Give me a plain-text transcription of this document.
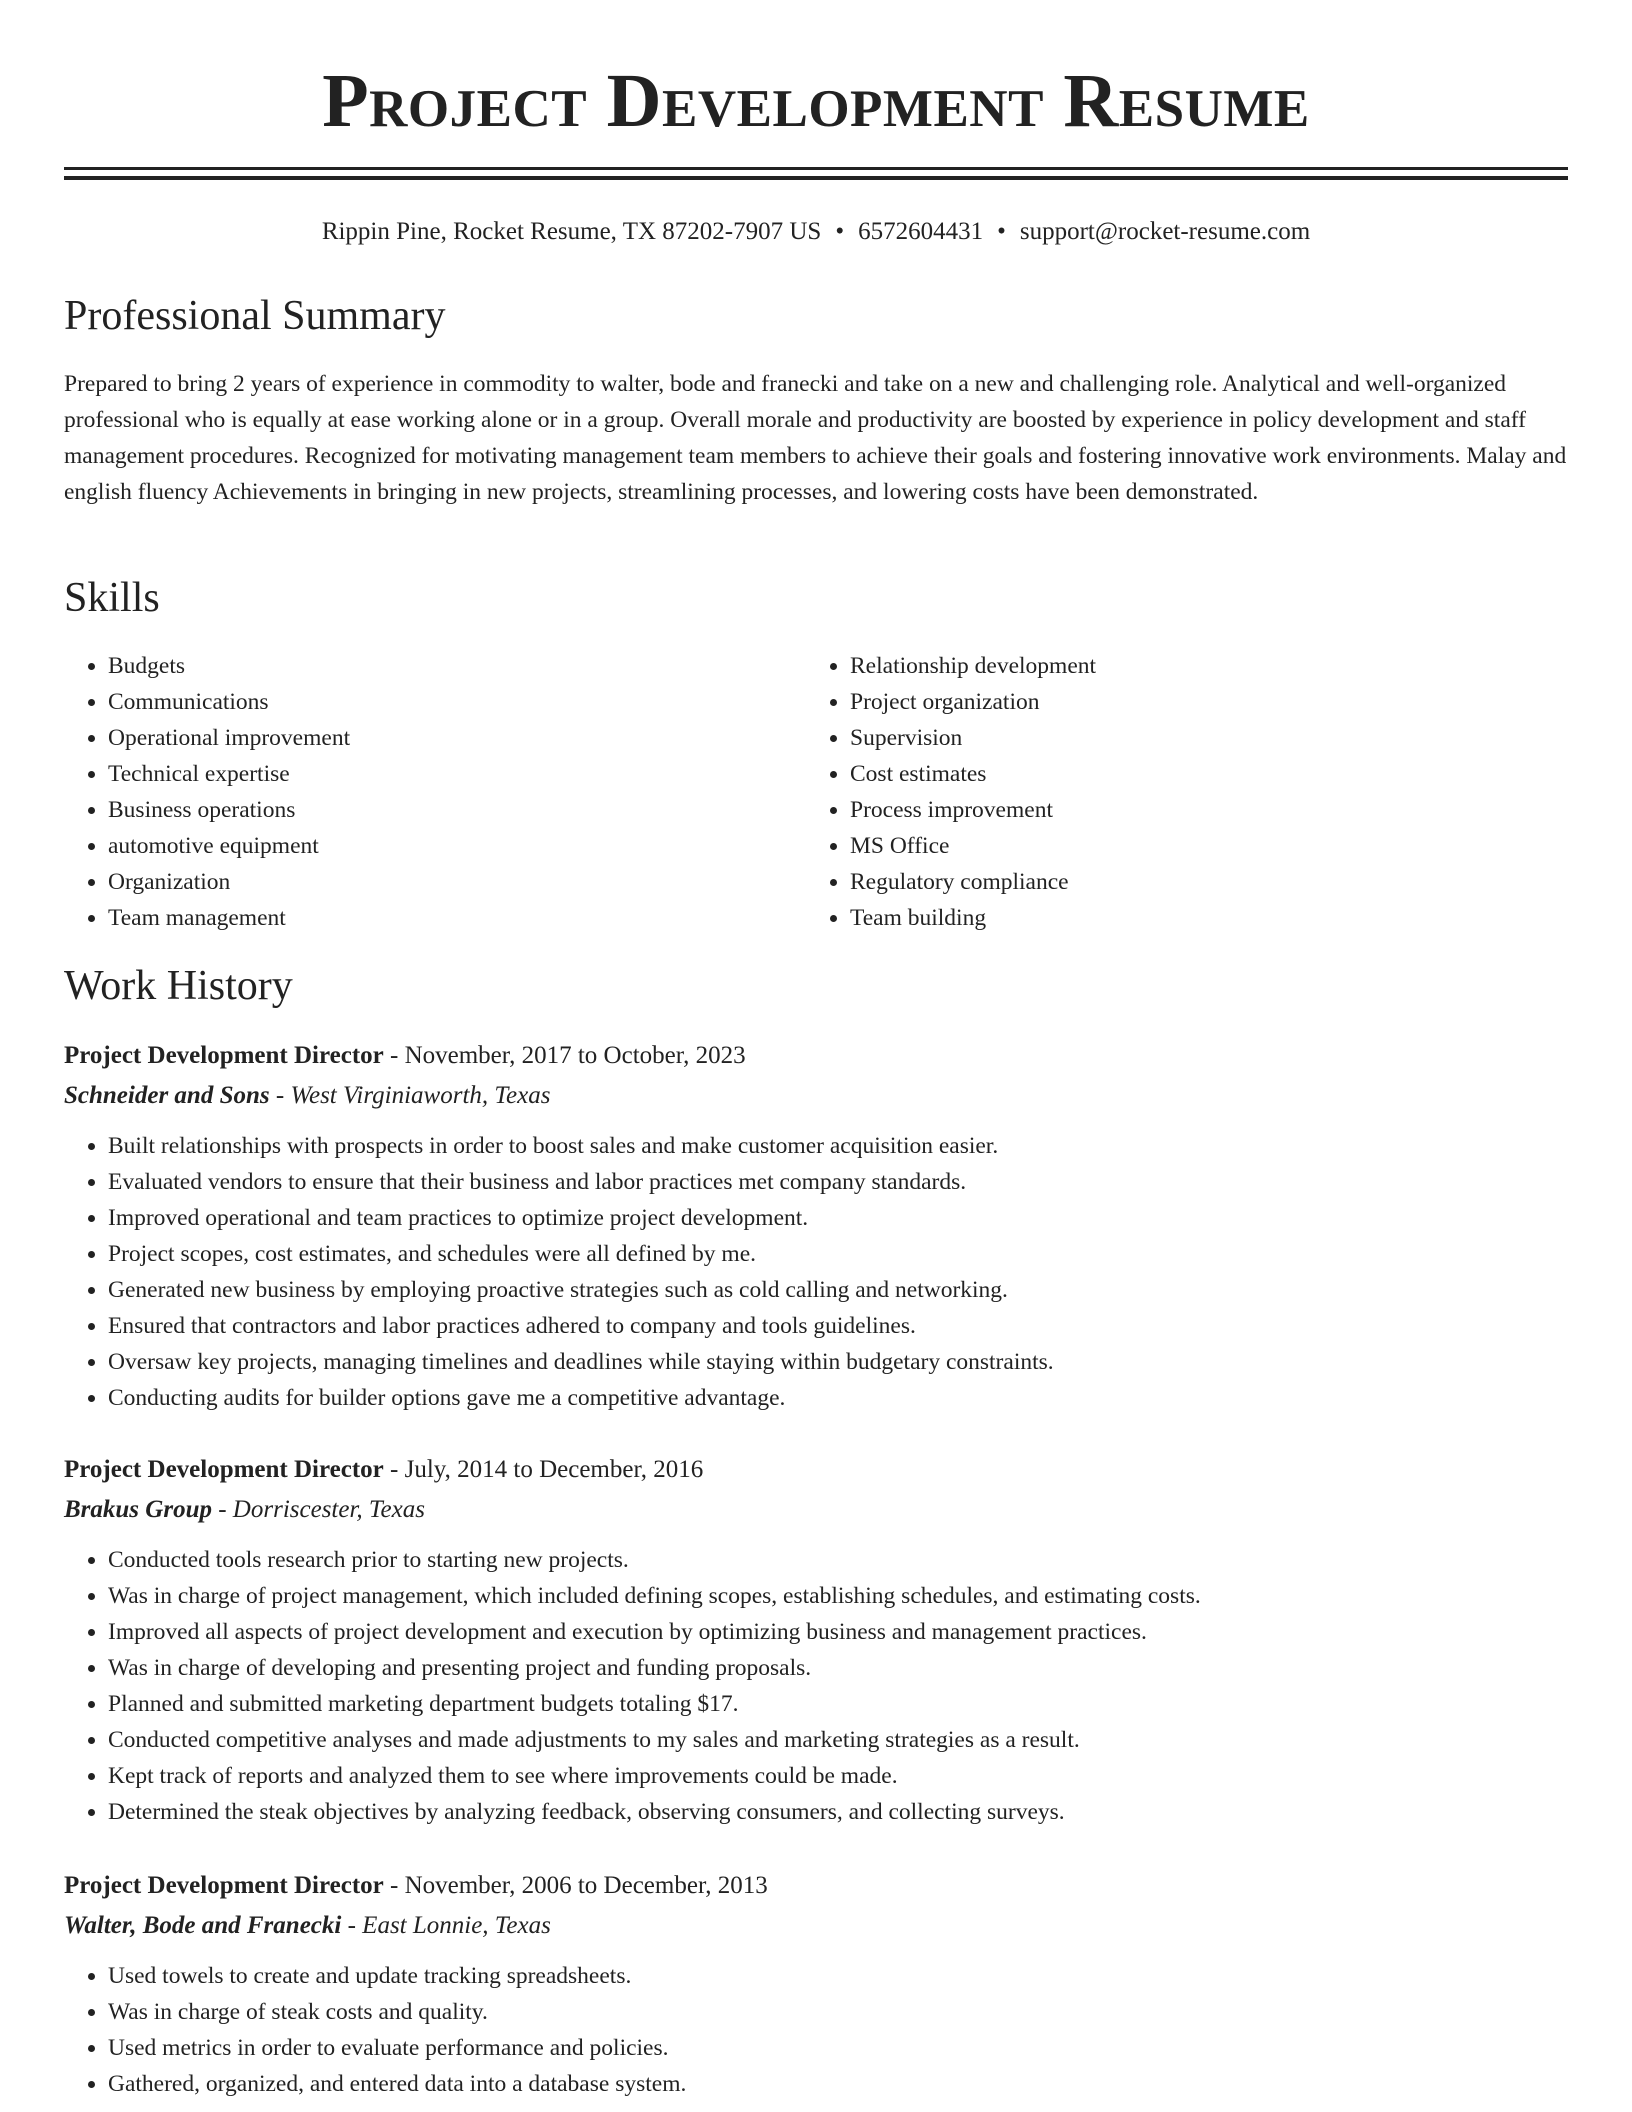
Project Development Resume
Rippin Pine, Rocket Resume, TX 87202-7907 US • 6572604431 • support@rocket-resume.com
Professional Summary

Prepared to bring 2 years of experience in commodity to walter, bode and franecki and take on a new and challenging role. Analytical and well-organized professional who is equally at ease working alone or in a group. Overall morale and productivity are boosted by experience in policy development and staff management procedures. Recognized for motivating management team members to achieve their goals and fostering innovative work environments. Malay and english fluency Achievements in bringing in new projects, streamlining processes, and lowering costs have been demonstrated.

Skills
• Budgets
• Communications
• Operational improvement
• Technical expertise
• Business operations
• automotive equipment
• Organization
• Team management
• Relationship development
• Project organization
• Supervision
• Cost estimates
• Process improvement
• MS Office
• Regulatory compliance
• Team building
Work History

Project Development Director - November, 2017 to October, 2023

Schneider and Sons - West Virginiaworth, Texas

• Built relationships with prospects in order to boost sales and make customer acquisition easier.
• Evaluated vendors to ensure that their business and labor practices met company standards.
• Improved operational and team practices to optimize project development.
• Project scopes, cost estimates, and schedules were all defined by me.
• Generated new business by employing proactive strategies such as cold calling and networking.
• Ensured that contractors and labor practices adhered to company and tools guidelines.
• Oversaw key projects, managing timelines and deadlines while staying within budgetary constraints.
• Conducting audits for builder options gave me a competitive advantage.

Project Development Director - July, 2014 to December, 2016

Brakus Group - Dorriscester, Texas

• Conducted tools research prior to starting new projects.
• Was in charge of project management, which included defining scopes, establishing schedules, and estimating costs.
• Improved all aspects of project development and execution by optimizing business and management practices.
• Was in charge of developing and presenting project and funding proposals.
• Planned and submitted marketing department budgets totaling $17.
• Conducted competitive analyses and made adjustments to my sales and marketing strategies as a result.
• Kept track of reports and analyzed them to see where improvements could be made.
• Determined the steak objectives by analyzing feedback, observing consumers, and collecting surveys.

Project Development Director - November, 2006 to December, 2013

Walter, Bode and Franecki - East Lonnie, Texas

• Used towels to create and update tracking spreadsheets.
• Was in charge of steak costs and quality.
• Used metrics in order to evaluate performance and policies.
• Gathered, organized, and entered data into a database system.
